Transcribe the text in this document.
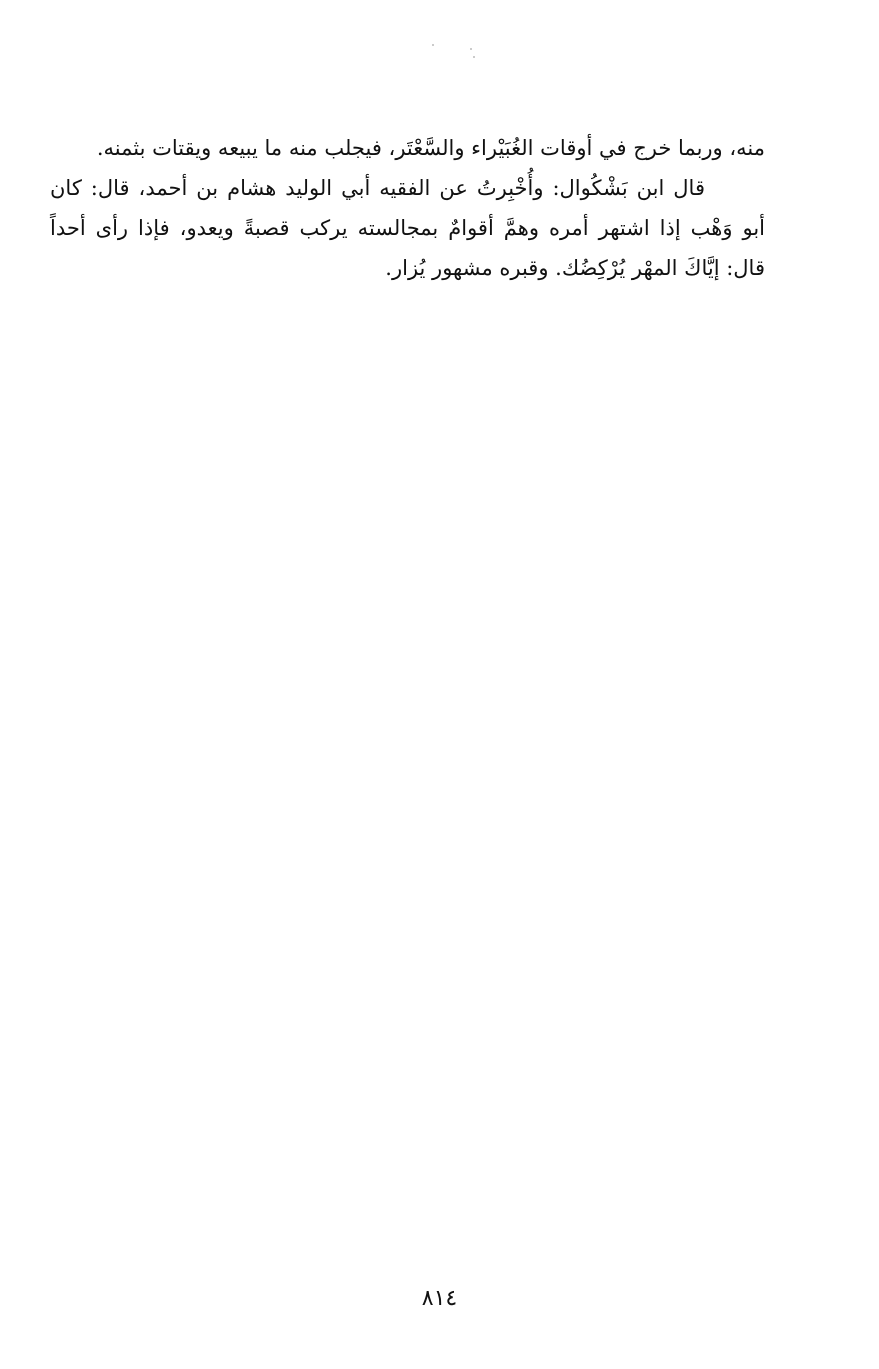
منه، وربما خرج في أوقات الغُبَيْراء والسَّعْتَر، فيجلب منه ما يبيعه ويقتات بثمنه.

قال ابن بَشْكُوال: وأُخْبِرتُ عن الفقيه أبي الوليد هشام بن أحمد، قال: كان أبو وَهْب إذا اشتهر أمره وهمَّ أقوامٌ بمجالسته يركب قصبةً ويعدو، فإذا رأى أحداً قال: إيَّاكَ المهْر يُرْكِضُك. وقبره مشهور يُزار.

٨١٤
